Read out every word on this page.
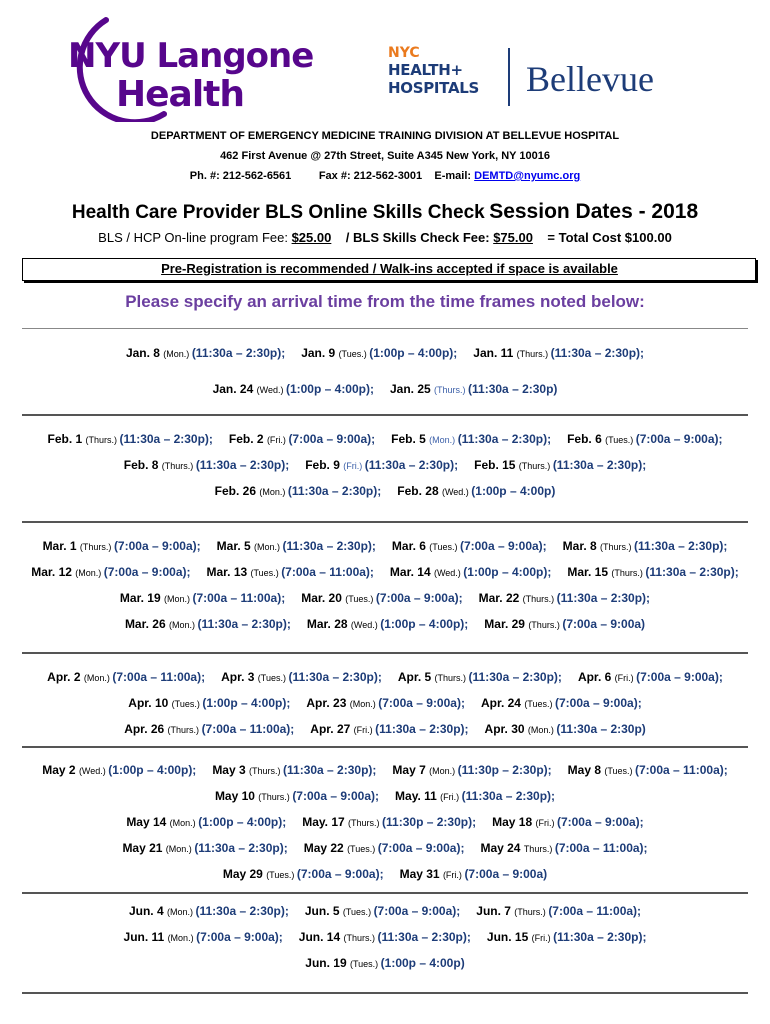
NYU Langone
Health
NYC
HEALTH+
HOSPITALS Bellevue
DEPARTMENT OF EMERGENCY MEDICINE TRAINING DIVISION AT BELLEVUE HOSPITAL
462 First Avenue @ 27th Street, Suite A345 New York, NY 10016
Ph. #: 212-562-6561	Fax #: 212-562-3001 E-mail: DEMTD@nyumc.org
Health Care Provider BLS Online Skills Check Session Dates - 2018
BLS / HCP On-line program Fee: $25.00 / BLS Skills Check Fee: $75.00 = Total Cost $100.00
Pre-Registration is recommended / Walk-ins accepted if space is available
Please specify an arrival time from the time frames noted below:
Jan. 8 (Mon.) (11:30a – 2:30p); Jan. 9 (Tues.) (1:00p – 4:00p); Jan. 11 (Thurs.) (11:30a – 2:30p);
Jan. 24 (Wed.) (1:00p – 4:00p); Jan. 25 (Thurs.) (11:30a – 2:30p)
Feb. 1 (Thurs.) (11:30a – 2:30p); Feb. 2 (Fri.) (7:00a – 9:00a); Feb. 5 (Mon.) (11:30a – 2:30p); Feb. 6 (Tues.) (7:00a – 9:00a);
Feb. 8 (Thurs.) (11:30a – 2:30p); Feb. 9 (Fri.) (11:30a – 2:30p); Feb. 15 (Thurs.) (11:30a – 2:30p);
Feb. 26 (Mon.) (11:30a – 2:30p); Feb. 28 (Wed.) (1:00p – 4:00p)
Mar. 1 (Thurs.) (7:00a – 9:00a); Mar. 5 (Mon.) (11:30a – 2:30p); Mar. 6 (Tues.) (7:00a – 9:00a); Mar. 8 (Thurs.) (11:30a – 2:30p);
Mar. 12 (Mon.) (7:00a – 9:00a); Mar. 13 (Tues.) (7:00a – 11:00a); Mar. 14 (Wed.) (1:00p – 4:00p); Mar. 15 (Thurs.) (11:30a – 2:30p);
Mar. 19 (Mon.) (7:00a – 11:00a); Mar. 20 (Tues.) (7:00a – 9:00a); Mar. 22 (Thurs.) (11:30a – 2:30p);
Mar. 26 (Mon.) (11:30a – 2:30p); Mar. 28 (Wed.) (1:00p – 4:00p); Mar. 29 (Thurs.) (7:00a – 9:00a)
Apr. 2 (Mon.) (7:00a – 11:00a); Apr. 3 (Tues.) (11:30a – 2:30p); Apr. 5 (Thurs.) (11:30a – 2:30p); Apr. 6 (Fri.) (7:00a – 9:00a);
Apr. 10 (Tues.) (1:00p – 4:00p); Apr. 23 (Mon.) (7:00a – 9:00a); Apr. 24 (Tues.) (7:00a – 9:00a);
Apr. 26 (Thurs.) (7:00a – 11:00a); Apr. 27 (Fri.) (11:30a – 2:30p); Apr. 30 (Mon.) (11:30a – 2:30p)
May 2 (Wed.) (1:00p – 4:00p); May 3 (Thurs.) (11:30a – 2:30p); May 7 (Mon.) (11:30p – 2:30p); May 8 (Tues.) (7:00a – 11:00a);
May 10 (Thurs.) (7:00a – 9:00a); May. 11 (Fri.) (11:30a – 2:30p);
May 14 (Mon.) (1:00p – 4:00p); May. 17 (Thurs.) (11:30p – 2:30p); May 18 (Fri.) (7:00a – 9:00a);
May 21 (Mon.) (11:30a – 2:30p); May 22 (Tues.) (7:00a – 9:00a); May 24 Thurs.) (7:00a – 11:00a);
May 29 (Tues.) (7:00a – 9:00a); May 31 (Fri.) (7:00a – 9:00a)
Jun. 4 (Mon.) (11:30a – 2:30p); Jun. 5 (Tues.) (7:00a – 9:00a); Jun. 7 (Thurs.) (7:00a – 11:00a);
Jun. 11 (Mon.) (7:00a – 9:00a); Jun. 14 (Thurs.) (11:30a – 2:30p); Jun. 15 (Fri.) (11:30a – 2:30p);
Jun. 19 (Tues.) (1:00p – 4:00p)
